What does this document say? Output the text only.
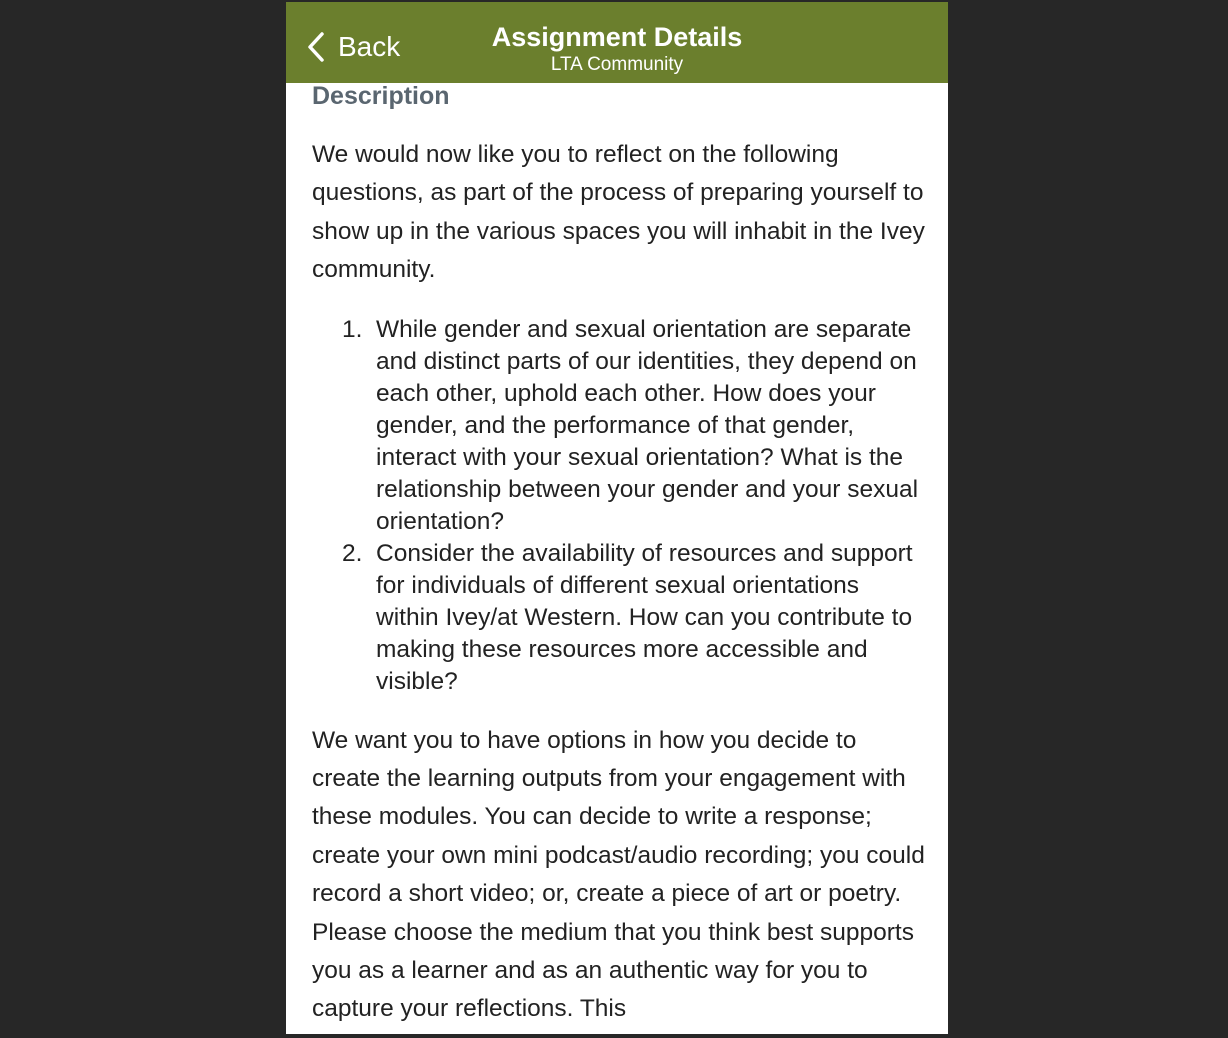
Back	Assignment Details
LTA Community
Description

We would now like you to reflect on the following questions, as part of the process of preparing yourself to show up in the various spaces you will inhabit in the Ivey community.

1. While gender and sexual orientation are separate and distinct parts of our identities, they depend on each other, uphold each other. How does your gender, and the performance of that gender, interact with your sexual orientation? What is the relationship between your gender and your sexual orientation?
2. Consider the availability of resources and support for individuals of different sexual orientations within Ivey/at Western. How can you contribute to making these resources more accessible and visible?

We want you to have options in how you decide to create the learning outputs from your engagement with these modules. You can decide to write a response; create your own mini podcast/audio recording; you could record a short video; or, create a piece of art or poetry. Please choose the medium that you think best supports you as a learner and as an authentic way for you to capture your reflections. This
